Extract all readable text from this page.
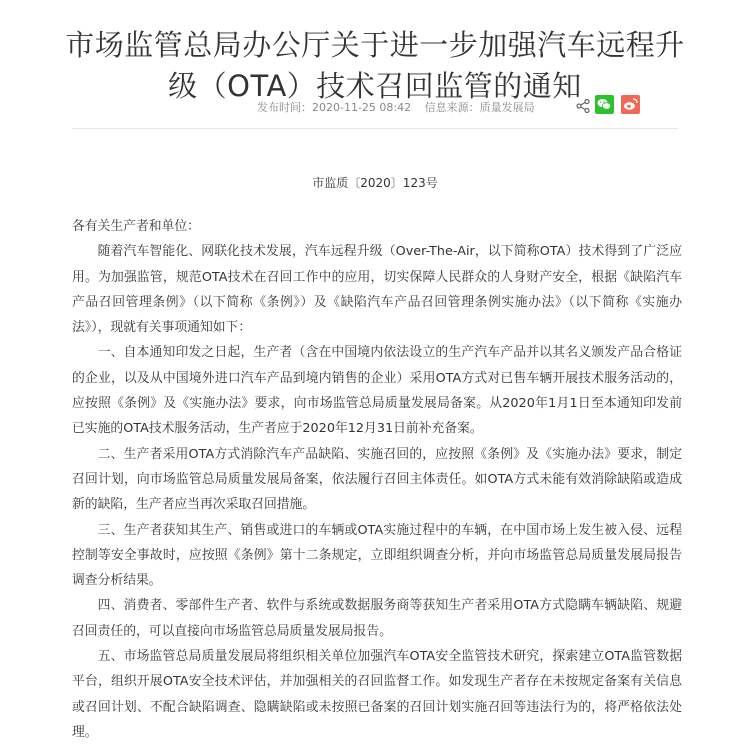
市场监管总局办公厅关于进一步加强汽车远程升级（OTA）技术召回监管的通知
发布时间：2020-11-25 08:42 信息来源：质量发展局
市监质〔2020〕123号

各有关生产者和单位：

随着汽车智能化、网联化技术发展，汽车远程升级（Over-The-Air，以下简称OTA）技术得到了广泛应用。为加强监管，规范OTA技术在召回工作中的应用，切实保障人民群众的人身财产安全，根据《缺陷汽车产品召回管理条例》（以下简称《条例》）及《缺陷汽车产品召回管理条例实施办法》（以下简称《实施办法》），现就有关事项通知如下：

一、自本通知印发之日起，生产者（含在中国境内依法设立的生产汽车产品并以其名义颁发产品合格证的企业，以及从中国境外进口汽车产品到境内销售的企业）采用OTA方式对已售车辆开展技术服务活动的，应按照《条例》及《实施办法》要求，向市场监管总局质量发展局备案。从2020年1月1日至本通知印发前已实施的OTA技术服务活动，生产者应于2020年12月31日前补充备案。

二、生产者采用OTA方式消除汽车产品缺陷、实施召回的，应按照《条例》及《实施办法》要求，制定召回计划，向市场监管总局质量发展局备案，依法履行召回主体责任。如OTA方式未能有效消除缺陷或造成新的缺陷，生产者应当再次采取召回措施。

三、生产者获知其生产、销售或进口的车辆或OTA实施过程中的车辆，在中国市场上发生被入侵、远程控制等安全事故时，应按照《条例》第十二条规定，立即组织调查分析，并向市场监管总局质量发展局报告调查分析结果。

四、消费者、零部件生产者、软件与系统或数据服务商等获知生产者采用OTA方式隐瞒车辆缺陷、规避召回责任的，可以直接向市场监管总局质量发展局报告。

五、市场监管总局质量发展局将组织相关单位加强汽车OTA安全监管技术研究，探索建立OTA监管数据平台，组织开展OTA安全技术评估，并加强相关的召回监督工作。如发现生产者存在未按规定备案有关信息或召回计划、不配合缺陷调查、隐瞒缺陷或未按照已备案的召回计划实施召回等违法行为的，将严格依法处理。
